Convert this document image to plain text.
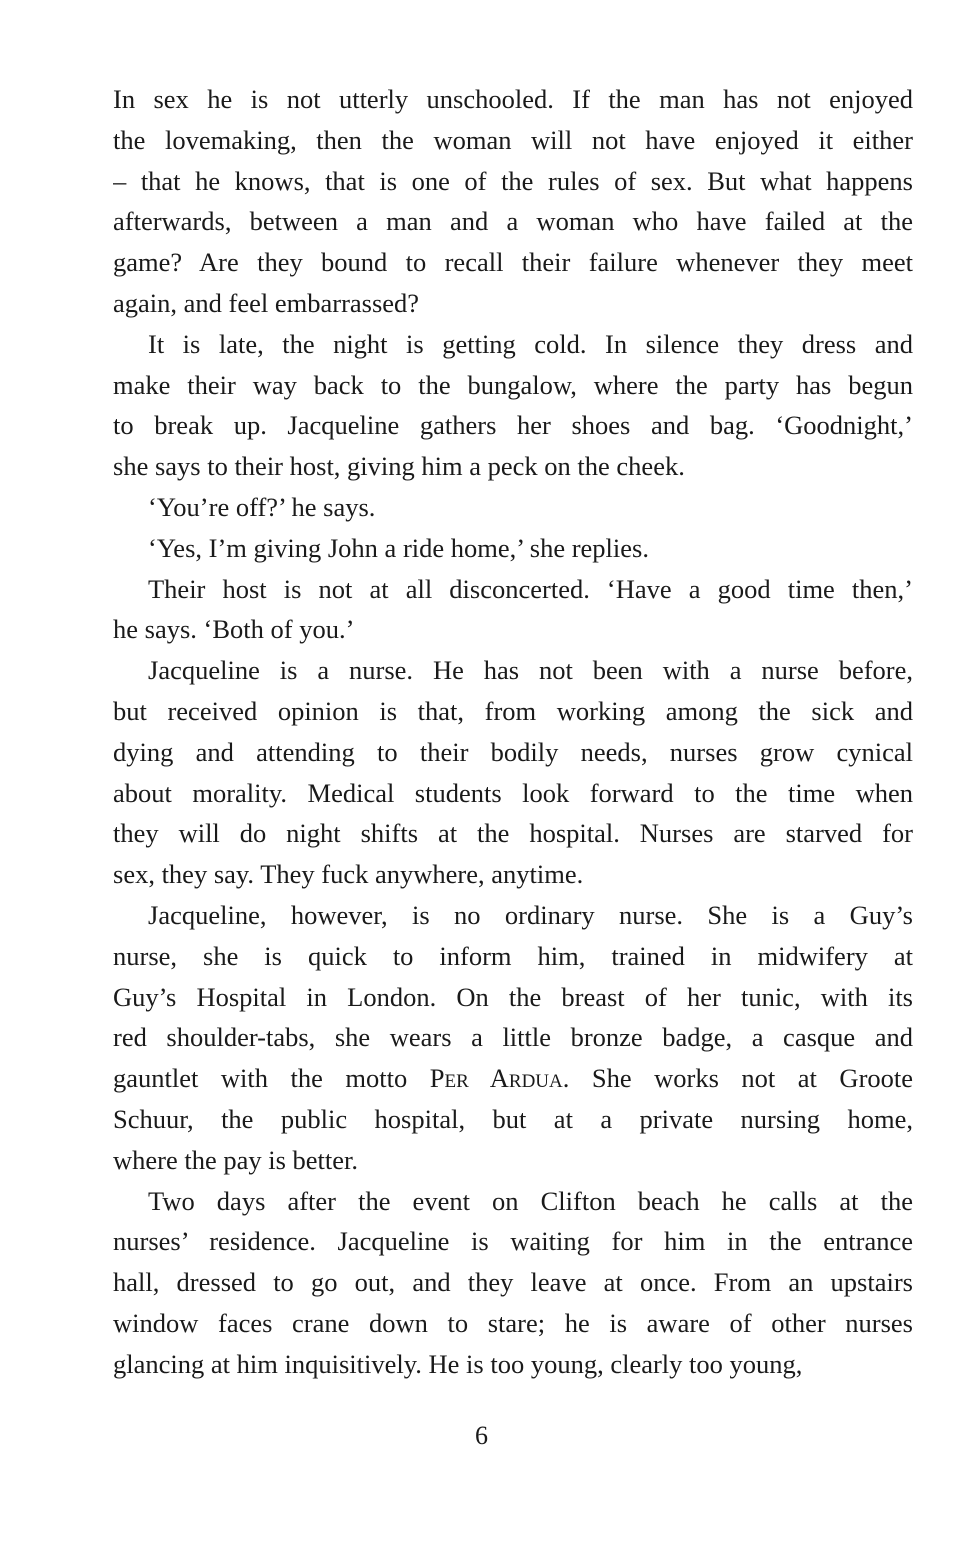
In sex he is not utterly unschooled. If the man has not enjoyed
the lovemaking, then the woman will not have enjoyed it either
– that he knows, that is one of the rules of sex. But what happens
afterwards, between a man and a woman who have failed at the
game? Are they bound to recall their failure whenever they meet
again, and feel embarrassed?
It is late, the night is getting cold. In silence they dress and
make their way back to the bungalow, where the party has begun
to break up. Jacqueline gathers her shoes and bag. ‘Goodnight,’
she says to their host, giving him a peck on the cheek.
‘You’re off?’ he says.
‘Yes, I’m giving John a ride home,’ she replies.
Their host is not at all disconcerted. ‘Have a good time then,’
he says. ‘Both of you.’
Jacqueline is a nurse. He has not been with a nurse before,
but received opinion is that, from working among the sick and
dying and attending to their bodily needs, nurses grow cynical
about morality. Medical students look forward to the time when
they will do night shifts at the hospital. Nurses are starved for
sex, they say. They fuck anywhere, anytime.
Jacqueline, however, is no ordinary nurse. She is a Guy’s
nurse, she is quick to inform him, trained in midwifery at
Guy’s Hospital in London. On the breast of her tunic, with its
red shoulder-tabs, she wears a little bronze badge, a casque and
gauntlet with the motto Per Ardua. She works not at Groote
Schuur, the public hospital, but at a private nursing home,
where the pay is better.
Two days after the event on Clifton beach he calls at the
nurses’ residence. Jacqueline is waiting for him in the entrance
hall, dressed to go out, and they leave at once. From an upstairs
window faces crane down to stare; he is aware of other nurses
glancing at him inquisitively. He is too young, clearly too young,
6
